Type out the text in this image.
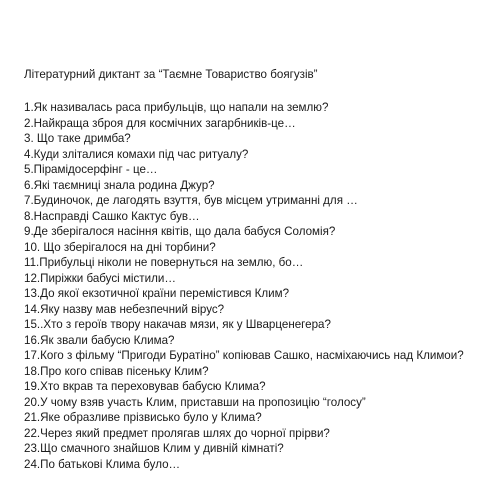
Літературний диктант за “Таємне Товариство боягузів”
1.Як називалась раса прибульців, що напали на землю?
2.Найкраща зброя для космічних загарбників-це…
3. Що таке дримба?
4.Куди зліталися комахи під час ритуалу?
5.Пірамідосерфінг - це…
6.Які таємниці знала родина Джур?
7.Будиночок, де лагодять взуття, був місцем утриманні для …
8.Насправді Сашко Кактус був…
9.Де зберігалося насіння квітів, що дала бабуся Соломія?
10. Що зберігалося на дні торбини?
11.Прибульці ніколи не повернуться на землю, бо…
12.Пиріжки бабусі містили…
13.До якої екзотичної країни перемістився Клим?
14.Яку назву мав небезпечний вірус?
15..Хто з героїв твору накачав мязи, як у Шварценегера?
16.Як звали бабусю Клима?
17.Кого з фільму “Пригоди Буратіно” копіював Сашко, насміхаючись над Климои?
18.Про кого співав пісеньку Клим?
19.Хто вкрав та переховував бабусю Клима?
20.У чому взяв участь Клим, приставши на пропозицію “голосу”
21.Яке образливе прізвисько було у Клима?
22.Через який предмет пролягав шлях до чорної прірви?
23.Що смачного знайшов Клим у дивній кімнаті?
24.По батькові Клима було…
